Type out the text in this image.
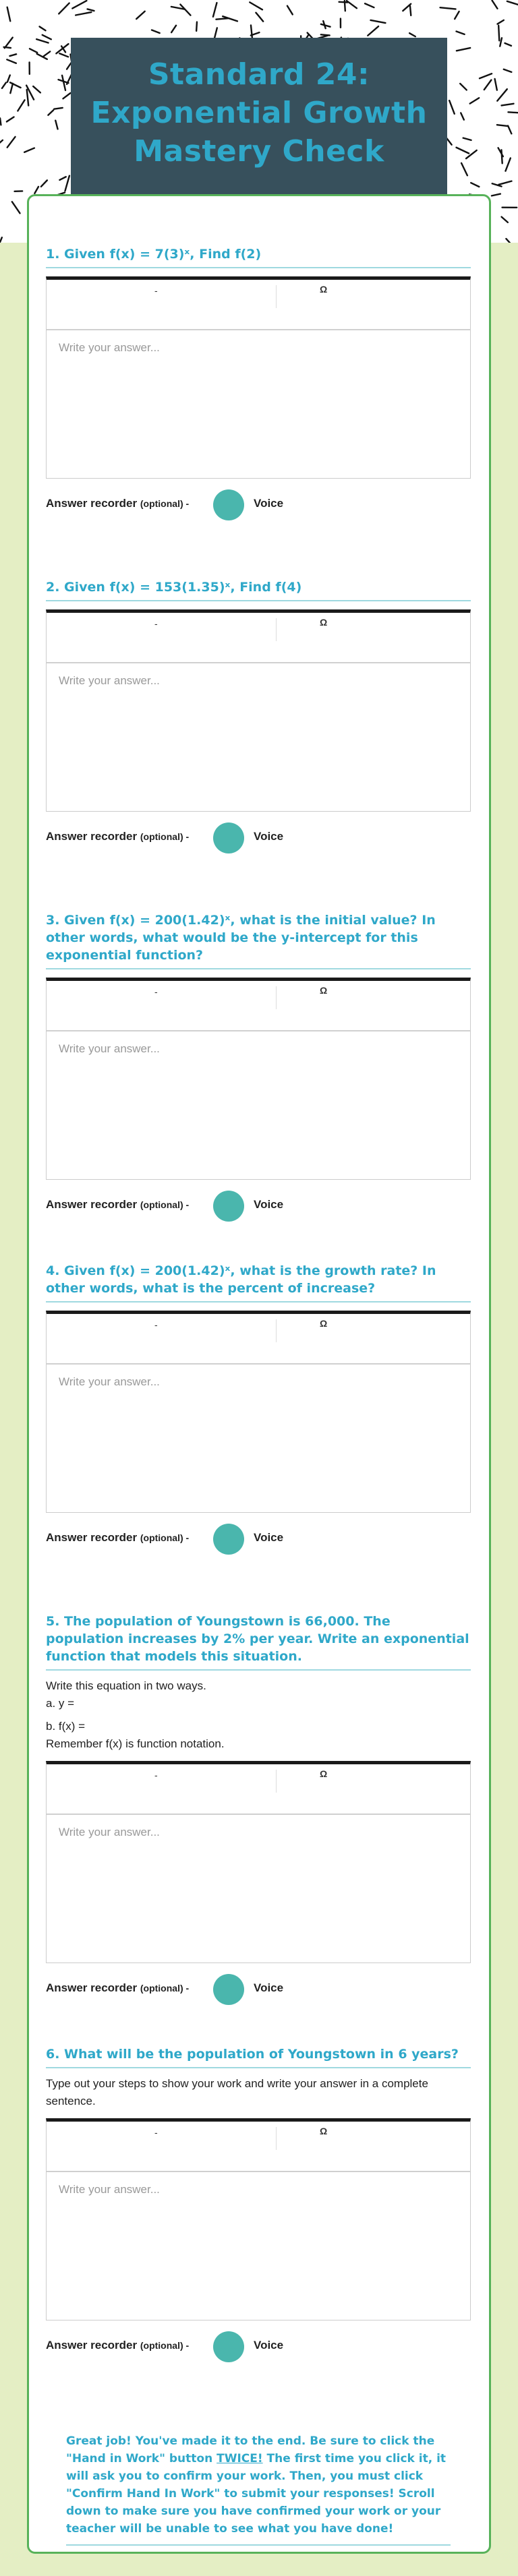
Standard 24:
Exponential Growth
Mastery Check
1. Given f(x) = 7(3)ˣ, Find f(2)
-	Ω
Write your answer...
Answer recorder (optional) -	Voice
2. Given f(x) = 153(1.35)ˣ, Find f(4)
-	Ω
Write your answer...
Answer recorder (optional) -	Voice
3. Given f(x) = 200(1.42)ˣ, what is the initial value? In other words, what would be the y-intercept for this exponential function?
-	Ω
Write your answer...
Answer recorder (optional) -	Voice
4. Given f(x) = 200(1.42)ˣ, what is the growth rate? In other words, what is the percent of increase?
-	Ω
Write your answer...
Answer recorder (optional) -	Voice
5. The population of Youngstown is 66,000. The population increases by 2% per year. Write an exponential function that models this situation.
Write this equation in two ways.
a. y =
b. f(x) =
Remember f(x) is function notation.
-	Ω
Write your answer...
Answer recorder (optional) -	Voice
6. What will be the population of Youngstown in 6 years?
Type out your steps to show your work and write your answer in a complete sentence.
-	Ω
Write your answer...
Answer recorder (optional) -	Voice
Great job! You've made it to the end. Be sure to click the "Hand in Work" button TWICE! The first time you click it, it will ask you to confirm your work. Then, you must click "Confirm Hand In Work" to submit your responses! Scroll down to make sure you have confirmed your work or your teacher will be unable to see what you have done!
